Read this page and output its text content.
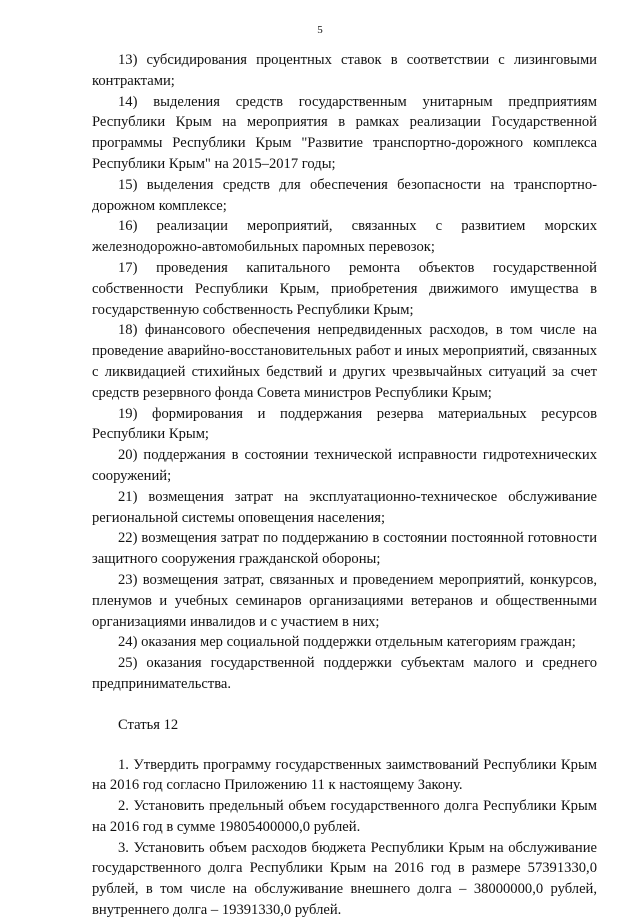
5

13) субсидирования процентных ставок в соответствии с лизинговыми контрактами;

14) выделения средств государственным унитарным предприятиям Республики Крым на мероприятия в рамках реализации Государственной программы Республики Крым "Развитие транспортно-дорожного комплекса Республики Крым" на 2015–2017 годы;

15) выделения средств для обеспечения безопасности на транспортно-дорожном комплексе;

16) реализации мероприятий, связанных с развитием морских железнодорожно-автомобильных паромных перевозок;

17) проведения капитального ремонта объектов государственной собственности Республики Крым, приобретения движимого имущества в государственную собственность Республики Крым;

18) финансового обеспечения непредвиденных расходов, в том числе на проведение аварийно-восстановительных работ и иных мероприятий, связанных с ликвидацией стихийных бедствий и других чрезвычайных ситуаций за счет средств резервного фонда Совета министров Республики Крым;

19) формирования и поддержания резерва материальных ресурсов Республики Крым;

20) поддержания в состоянии технической исправности гидротехнических сооружений;

21) возмещения затрат на эксплуатационно-техническое обслуживание региональной системы оповещения населения;

22) возмещения затрат по поддержанию в состоянии постоянной готовности защитного сооружения гражданской обороны;

23) возмещения затрат, связанных и проведением мероприятий, конкурсов, пленумов и учебных семинаров организациями ветеранов и общественными организациями инвалидов и с участием в них;

24) оказания мер социальной поддержки отдельным категориям граждан;

25) оказания государственной поддержки субъектам малого и среднего предпринимательства.

Статья 12

1. Утвердить программу государственных заимствований Республики Крым на 2016 год согласно Приложению 11 к настоящему Закону.

2. Установить предельный объем государственного долга Республики Крым на 2016 год в сумме 19805400000,0 рублей.

3. Установить объем расходов бюджета Республики Крым на обслуживание государственного долга Республики Крым на 2016 год в размере 57391330,0 рублей, в том числе на обслуживание внешнего долга – 38000000,0 рублей, внутреннего долга – 19391330,0 рублей.
